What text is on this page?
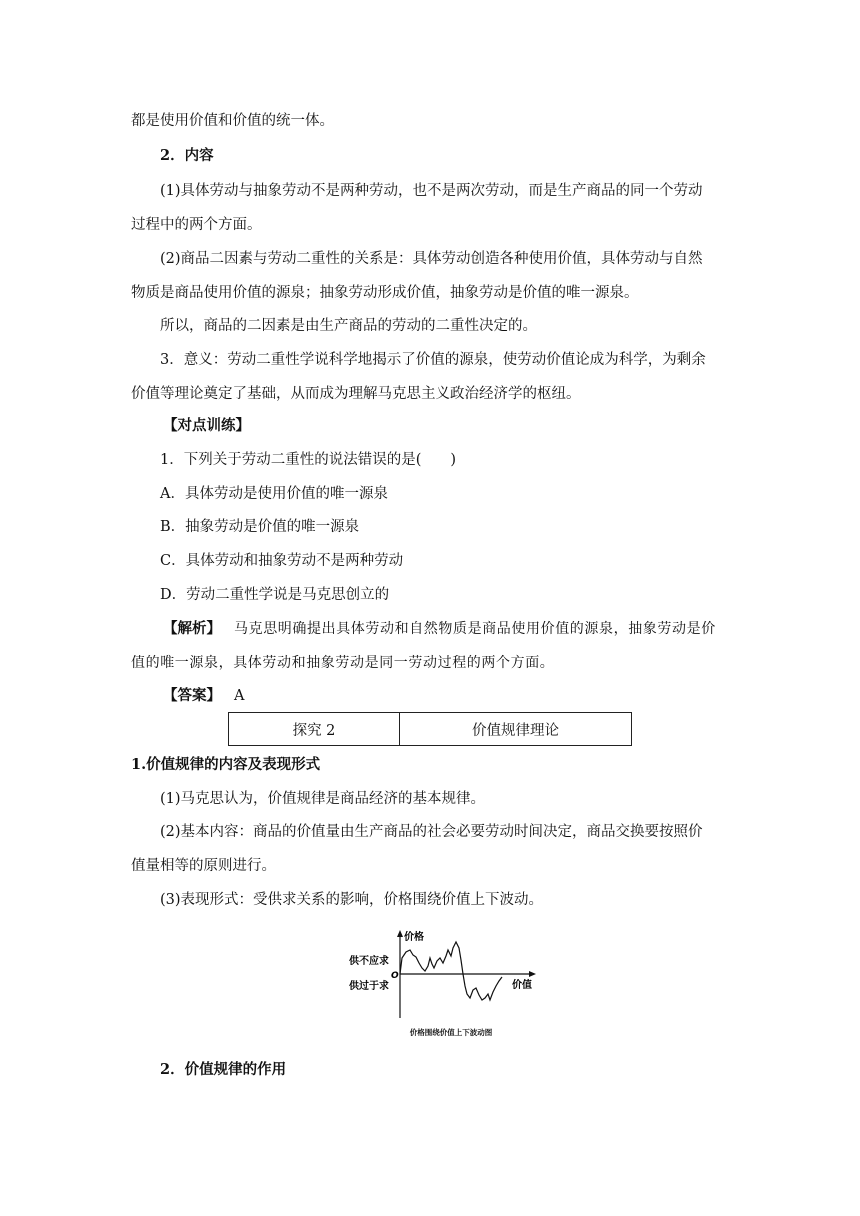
都是使用价值和价值的统一体。
2．内容
(1)具体劳动与抽象劳动不是两种劳动，也不是两次劳动，而是生产商品的同一个劳动
过程中的两个方面。
(2)商品二因素与劳动二重性的关系是：具体劳动创造各种使用价值，具体劳动与自然
物质是商品使用价值的源泉；抽象劳动形成价值，抽象劳动是价值的唯一源泉。
所以，商品的二因素是由生产商品的劳动的二重性决定的。
3．意义：劳动二重性学说科学地揭示了价值的源泉，使劳动价值论成为科学，为剩余
价值等理论奠定了基础，从而成为理解马克思主义政治经济学的枢纽。
【对点训练】
1．下列关于劳动二重性的说法错误的是(　　)
A．具体劳动是使用价值的唯一源泉
B．抽象劳动是价值的唯一源泉
C．具体劳动和抽象劳动不是两种劳动
D．劳动二重性学说是马克思创立的
【解析】 马克思明确提出具体劳动和自然物质是商品使用价值的源泉，抽象劳动是价
值的唯一源泉，具体劳动和抽象劳动是同一劳动过程的两个方面。
【答案】 A
探究 2	价值规律理论
1.价值规律的内容及表现形式
(1)马克思认为，价值规律是商品经济的基本规律。
(2)基本内容：商品的价值量由生产商品的社会必要劳动时间决定，商品交换要按照价
值量相等的原则进行。
(3)表现形式：受供求关系的影响，价格围绕价值上下波动。
价格
价值
O
供不应求
供过于求
价格围绕价值上下波动图
2．价值规律的作用
